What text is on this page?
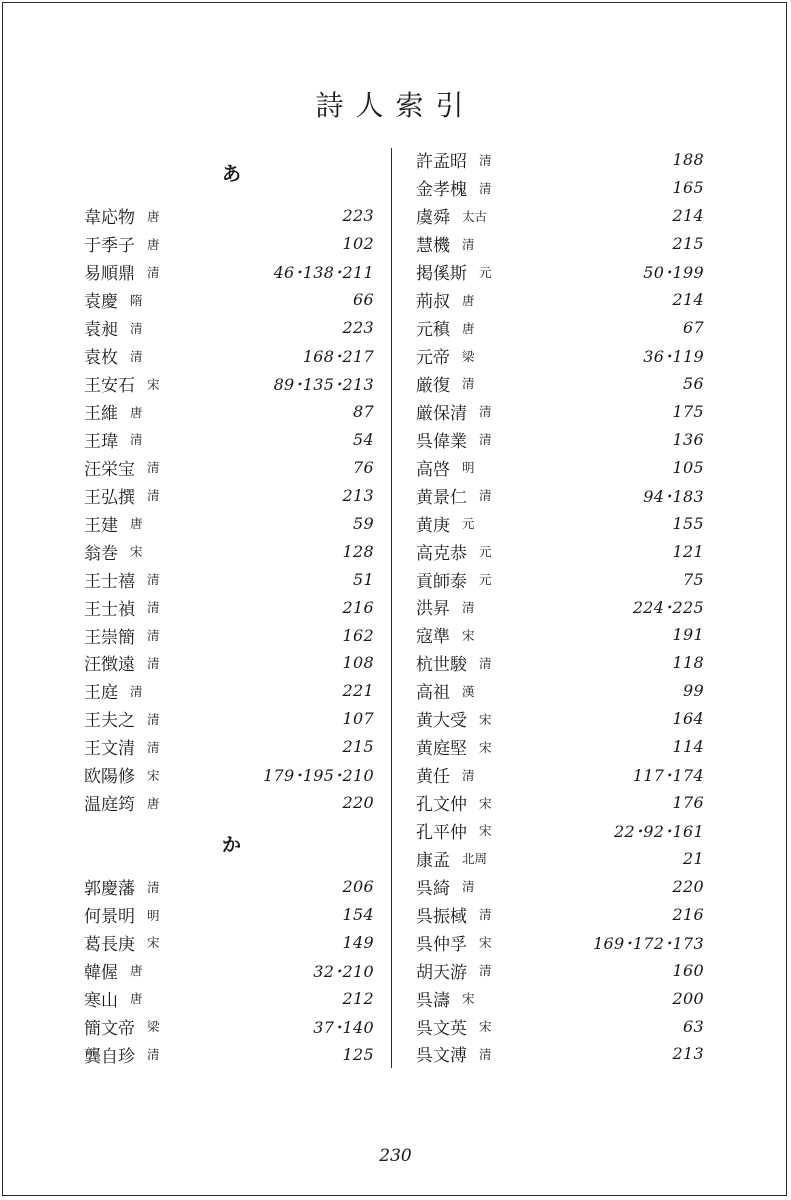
詩人索引
あ
韋応物 唐	223
于季子 唐	102
易順鼎 清	46･138･211
袁慶 隋	66
袁昶 清	223
袁枚 清	168･217
王安石 宋	89･135･213
王維 唐	87
王瑋 清	54
汪栄宝 清	76
王弘撰 清	213
王建 唐	59
翁巻 宋	128
王士禧 清	51
王士禎 清	216
王崇簡 清	162
汪徴遠 清	108
王庭 清	221
王夫之 清	107
王文清 清	215
欧陽修 宋	179･195･210
温庭筠 唐	220
か
郭慶藩 清	206
何景明 明	154
葛長庚 宋	149
韓偓 唐	32･210
寒山 唐	212
簡文帝 梁	37･140
龔自珍 清	125
許孟昭 清	188
金孝槐 清	165
虞舜 太古	214
慧機 清	215
掲傒斯 元	50･199
荊叔 唐	214
元稹 唐	67
元帝 梁	36･119
厳復 清	56
厳保清 清	175
呉偉業 清	136
高啓 明	105
黄景仁 清	94･183
黄庚 元	155
高克恭 元	121
貢師泰 元	75
洪昇 清	224･225
寇準 宋	191
杭世駿 清	118
高祖 漢	99
黄大受 宋	164
黄庭堅 宋	114
黄任 清	117･174
孔文仲 宋	176
孔平仲 宋	22･92･161
康孟 北周	21
呉綺 清	220
呉振棫 清	216
呉仲孚 宋	169･172･173
胡天游 清	160
呉濤 宋	200
呉文英 宋	63
呉文溥 清	213
230
